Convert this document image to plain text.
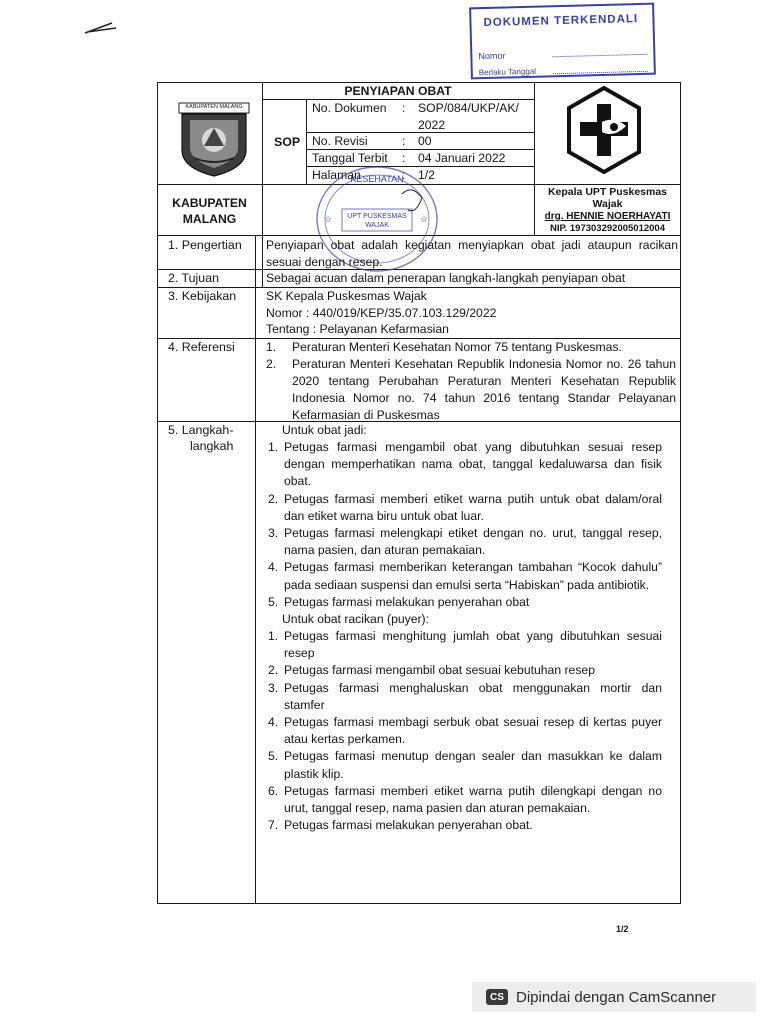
DOKUMEN TERKENDALI
Nomor
Berlaku Tanggal
PENYIAPAN OBAT
KABUPATEN MALANG
SOP
No. Dokumen : SOP/084/UKP/AK/ 2022
No. Revisi	: 00
Tanggal Terbit : 04 Januari 2022
Halaman	: 1/2
KABUPATEN
MALANG	UPT PUSKESMAS
WAJAK
KESEHATAN
☆	☆
Kepala UPT Puskesmas
Wajak
drg. HENNIE NOERHAYATI
NIP. 197303292005012004
1. Pengertian Penyiapan obat adalah kegiatan menyiapkan obat jadi ataupun racikan sesuai dengan resep.
2. Tujuan	Sebagai acuan dalam penerapan langkah-langkah penyiapan obat
3. Kebijakan SK Kepala Puskesmas Wajak
Nomor : 440/019/KEP/35.07.103.129/2022
Tentang : Pelayanan Kefarmasian
4. Referensi	1. Peraturan Menteri Kesehatan Nomor 75 tentang Puskesmas.
2. Peraturan Menteri Kesehatan Republik Indonesia Nomor no. 26 tahun 2020 tentang Perubahan Peraturan Menteri Kesehatan Republik Indonesia Nomor no. 74 tahun 2016 tentang Standar Pelayanan Kefarmasian di Puskesmas
5. Langkah-
langkah
Untuk obat jadi:
1. Petugas farmasi mengambil obat yang dibutuhkan sesuai resep dengan memperhatikan nama obat, tanggal kedaluwarsa dan fisik obat.
2. Petugas farmasi memberi etiket warna putih untuk obat dalam/oral dan etiket warna biru untuk obat luar.
3. Petugas farmasi melengkapi etiket dengan no. urut, tanggal resep, nama pasien, dan aturan pemakaian.
4. Petugas farmasi memberikan keterangan tambahan “Kocok dahulu” pada sediaan suspensi dan emulsi serta “Habiskan” pada antibiotik.
5. Petugas farmasi melakukan penyerahan obat
Untuk obat racikan (puyer):
1. Petugas farmasi menghitung jumlah obat yang dibutuhkan sesuai resep
2. Petugas farmasi mengambil obat sesuai kebutuhan resep
3. Petugas farmasi menghaluskan obat menggunakan mortir dan stamfer
4. Petugas farmasi membagi serbuk obat sesuai resep di kertas puyer atau kertas perkamen.
5. Petugas farmasi menutup dengan sealer dan masukkan ke dalam plastik klip.
6. Petugas farmasi memberi etiket warna putih dilengkapi dengan no urut, tanggal resep, nama pasien dan aturan pemakaian.
7. Petugas farmasi melakukan penyerahan obat.
1/2
CS Dipindai dengan CamScanner
